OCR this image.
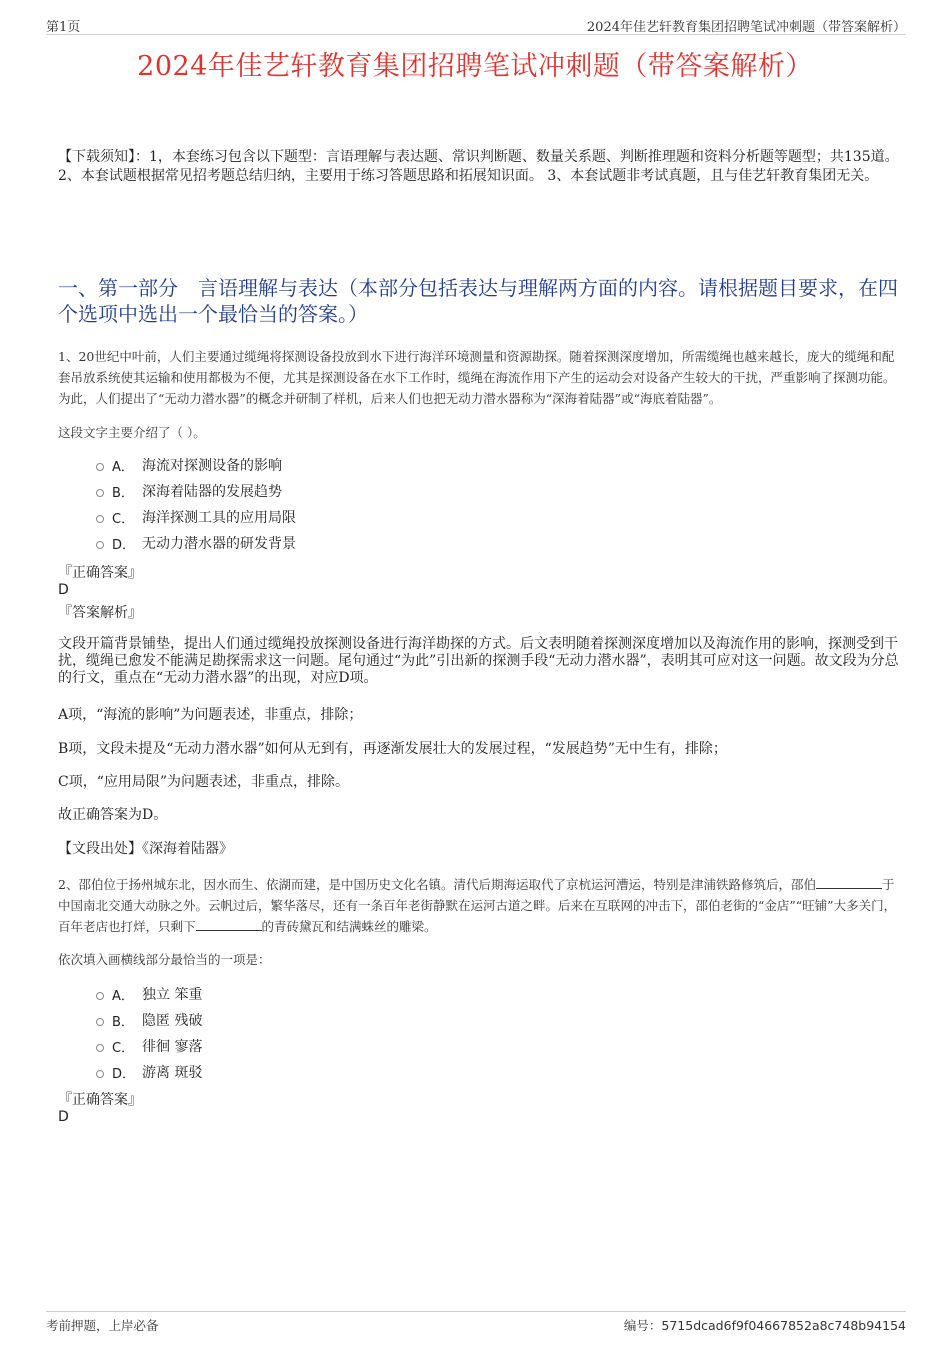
第1页	2024年佳艺轩教育集团招聘笔试冲刺题（带答案解析）
2024年佳艺轩教育集团招聘笔试冲刺题（带答案解析）
【下载须知】：1，本套练习包含以下题型：言语理解与表达题、常识判断题、数量关系题、判断推理题和资料分析题等题型；共135道。 2、本套试题根据常见招考题总结归纳，主要用于练习答题思路和拓展知识面。 3、本套试题非考试真题，且与佳艺轩教育集团无关。
一、第一部分　言语理解与表达（本部分包括表达与理解两方面的内容。请根据题目要求，在四个选项中选出一个最恰当的答案。）
1、20世纪中叶前，人们主要通过缆绳将探测设备投放到水下进行海洋环境测量和资源勘探。随着探测深度增加，所需缆绳也越来越长，庞大的缆绳和配套吊放系统使其运输和使用都极为不便，尤其是探测设备在水下工作时，缆绳在海流作用下产生的运动会对设备产生较大的干扰，严重影响了探测功能。为此，人们提出了“无动力潜水器”的概念并研制了样机，后来人们也把无动力潜水器称为“深海着陆器”或“海底着陆器”。
这段文字主要介绍了（ ）。
A． 海流对探测设备的影响
B． 深海着陆器的发展趋势
C． 海洋探测工具的应用局限
D． 无动力潜水器的研发背景
『正确答案』
D
『答案解析』
文段开篇背景铺垫，提出人们通过缆绳投放探测设备进行海洋勘探的方式。后文表明随着探测深度增加以及海流作用的影响，探测受到干扰，缆绳已愈发不能满足勘探需求这一问题。尾句通过“为此”引出新的探测手段“无动力潜水器”，表明其可应对这一问题。故文段为分总的行文，重点在“无动力潜水器”的出现，对应D项。
A项，“海流的影响”为问题表述，非重点，排除；
B项，文段未提及“无动力潜水器”如何从无到有，再逐渐发展壮大的发展过程，“发展趋势”无中生有，排除；
C项，“应用局限”为问题表述，非重点，排除。
故正确答案为D。
【文段出处】《深海着陆器》
2、邵伯位于扬州城东北，因水而生、依湖而建，是中国历史文化名镇。清代后期海运取代了京杭运河漕运，特别是津浦铁路修筑后，邵伯	于中国南北交通大动脉之外。云帆过后，繁华落尽，还有一条百年老街静默在运河古道之畔。后来在互联网的冲击下，邵伯老街的“金店”“旺铺”大多关门，百年老店也打烊，只剩下	的青砖黛瓦和结满蛛丝的雕梁。
依次填入画横线部分最恰当的一项是：
A． 独立 笨重
B． 隐匿 残破
C． 徘徊 寥落
D． 游离 斑驳
『正确答案』
D
考前押题，上岸必备	编号：5715dcad6f9f04667852a8c748b94154
